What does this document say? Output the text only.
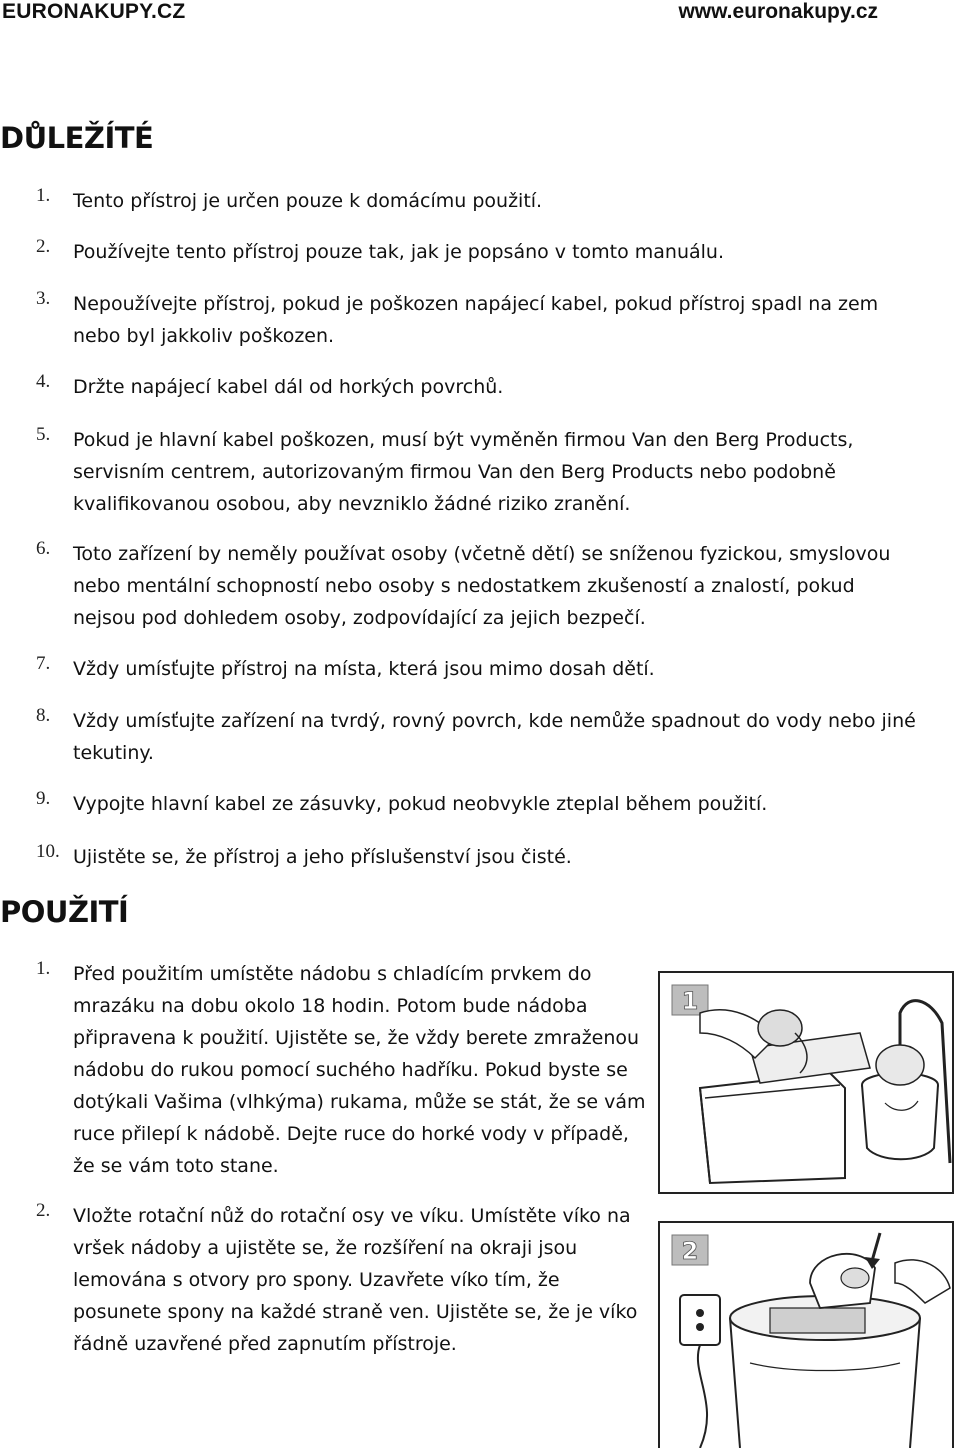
EURONAKUPY.CZ	www.euronakupy.cz
DŮLEŽÍTÉ
1. Tento přístroj je určen pouze k domácímu použití.
2. Používejte tento přístroj pouze tak, jak je popsáno v tomto manuálu.
3. Nepoužívejte přístroj, pokud je poškozen napájecí kabel, pokud přístroj spadl na zem nebo byl jakkoliv poškozen.
4. Držte napájecí kabel dál od horkých povrchů.
5. Pokud je hlavní kabel poškozen, musí být vyměněn firmou Van den Berg Products, servisním centrem, autorizovaným firmou Van den Berg Products nebo podobně kvalifikovanou osobou, aby nevzniklo žádné riziko zranění.
6. Toto zařízení by neměly používat osoby (včetně dětí) se sníženou fyzickou, smyslovou nebo mentální schopností nebo osoby s nedostatkem zkušeností a znalostí, pokud nejsou pod dohledem osoby, zodpovídající za jejich bezpečí.
7. Vždy umísťujte přístroj na místa, která jsou mimo dosah dětí.
8. Vždy umísťujte zařízení na tvrdý, rovný povrch, kde nemůže spadnout do vody nebo jiné tekutiny.
9. Vypojte hlavní kabel ze zásuvky, pokud neobvykle zteplal během použití.
10. Ujistěte se, že přístroj a jeho příslušenství jsou čisté.
POUŽITÍ
1. Před použitím umístěte nádobu s chladícím prvkem do mrazáku na dobu okolo 18 hodin. Potom bude nádoba připravena k použití. Ujistěte se, že vždy berete zmraženou nádobu do rukou pomocí suchého hadříku. Pokud byste se dotýkali Vašima (vlhkýma) rukama, může se stát, že se vám ruce přilepí k nádobě. Dejte ruce do horké vody v případě, že se vám toto stane.
2. Vložte rotační nůž do rotační osy ve víku. Umístěte víko na vršek nádoby a ujistěte se, že rozšíření na okraji jsou lemována s otvory pro spony. Uzavřete víko tím, že posunete spony na každé straně ven. Ujistěte se, že je víko řádně uzavřené před zapnutím přístroje.
1
2
